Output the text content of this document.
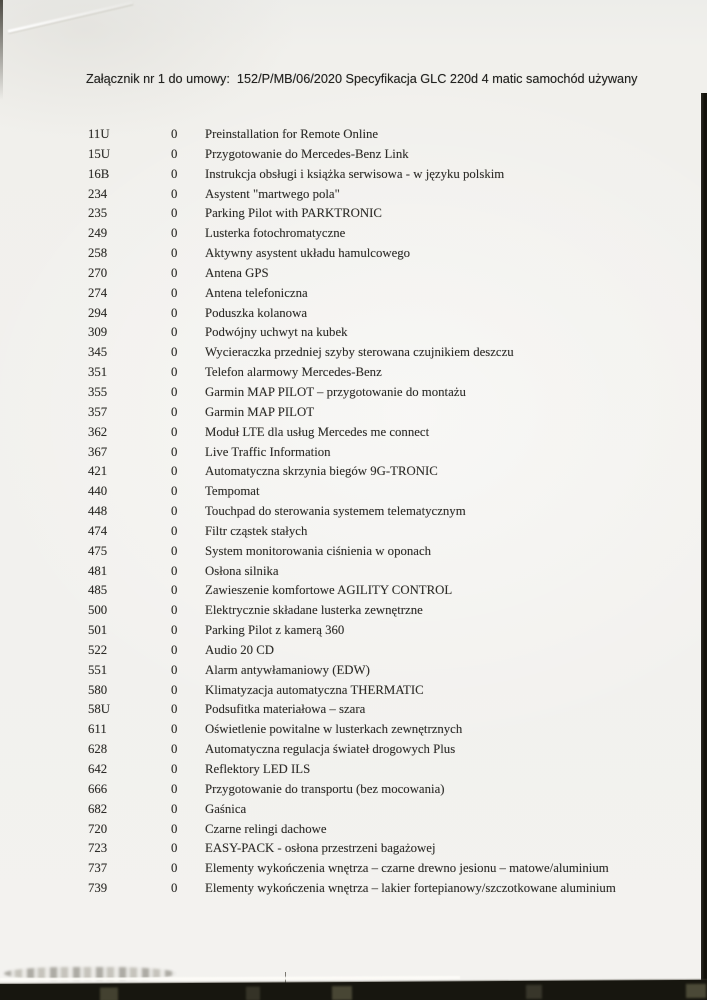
Załącznik nr 1 do umowy:  152/P/MB/06/2020 Specyfikacja GLC 220d 4 matic samochód używany
11U	0	Preinstallation for Remote Online
15U	0	Przygotowanie do Mercedes-Benz Link
16B	0	Instrukcja obsługi i książka serwisowa - w języku polskim
234	0	Asystent "martwego pola"
235	0	Parking Pilot with PARKTRONIC
249	0	Lusterka fotochromatyczne
258	0	Aktywny asystent układu hamulcowego
270	0	Antena GPS
274	0	Antena telefoniczna
294	0	Poduszka kolanowa
309	0	Podwójny uchwyt na kubek
345	0	Wycieraczka przedniej szyby sterowana czujnikiem deszczu
351	0	Telefon alarmowy Mercedes-Benz
355	0	Garmin MAP PILOT – przygotowanie do montażu
357	0	Garmin MAP PILOT
362	0	Moduł LTE dla usług Mercedes me connect
367	0	Live Traffic Information
421	0	Automatyczna skrzynia biegów 9G-TRONIC
440	0	Tempomat
448	0	Touchpad do sterowania systemem telematycznym
474	0	Filtr cząstek stałych
475	0	System monitorowania ciśnienia w oponach
481	0	Osłona silnika
485	0	Zawieszenie komfortowe AGILITY CONTROL
500	0	Elektrycznie składane lusterka zewnętrzne
501	0	Parking Pilot z kamerą 360
522	0	Audio 20 CD
551	0	Alarm antywłamaniowy (EDW)
580	0	Klimatyzacja automatyczna THERMATIC
58U	0	Podsufitka materiałowa – szara
611	0	Oświetlenie powitalne w lusterkach zewnętrznych
628	0	Automatyczna regulacja świateł drogowych Plus
642	0	Reflektory LED ILS
666	0	Przygotowanie do transportu (bez mocowania)
682	0	Gaśnica
720	0	Czarne relingi dachowe
723	0	EASY-PACK - osłona przestrzeni bagażowej
737	0	Elementy wykończenia wnętrza – czarne drewno jesionu – matowe/aluminium
739	0	Elementy wykończenia wnętrza – lakier fortepianowy/szczotkowane aluminium
